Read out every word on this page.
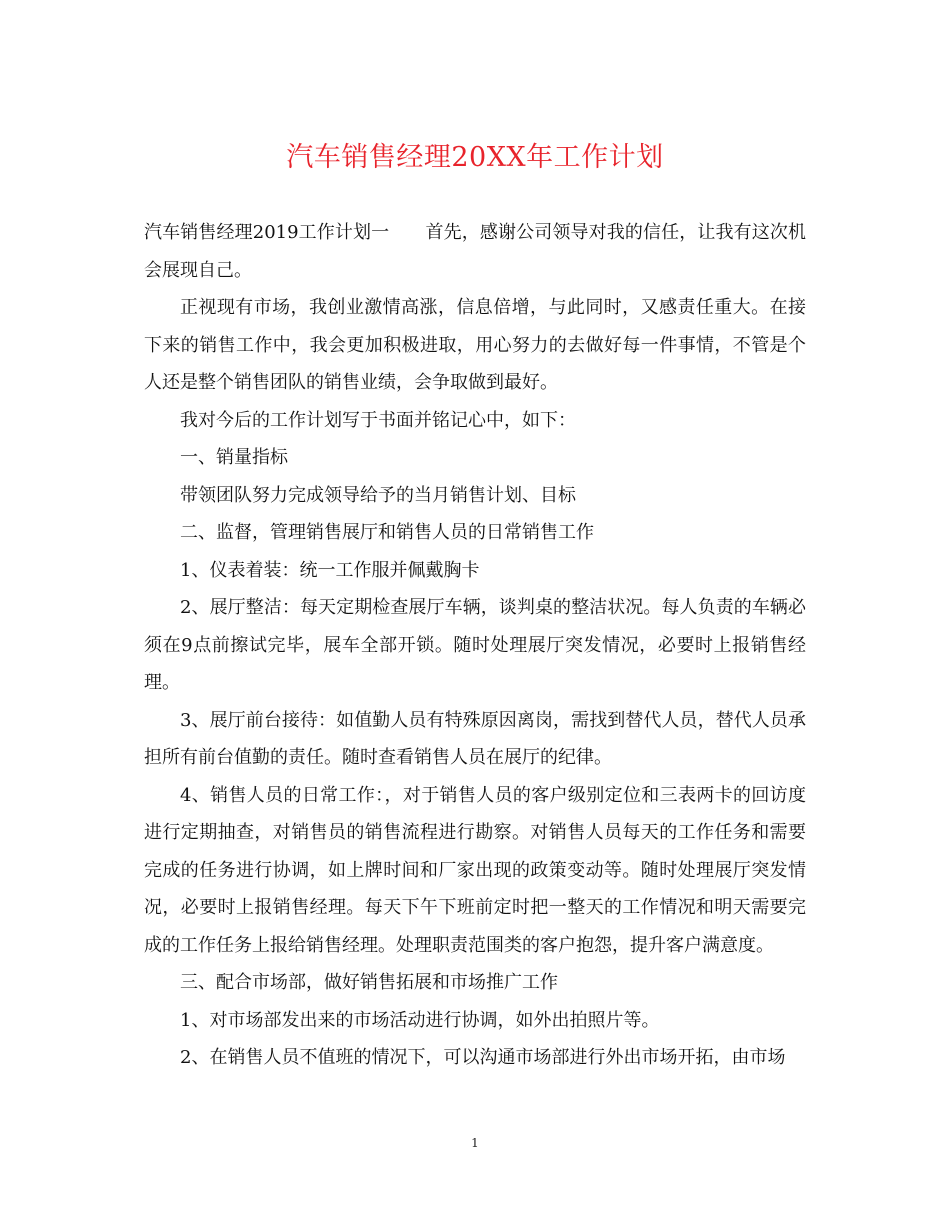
汽车销售经理20XX年工作计划

汽车销售经理2019工作计划一　　首先，感谢公司领导对我的信任，让我有这次机会展现自己。

正视现有市场，我创业激情高涨，信息倍增，与此同时，又感责任重大。在接下来的销售工作中，我会更加积极进取，用心努力的去做好每一件事情，不管是个人还是整个销售团队的销售业绩，会争取做到最好。

我对今后的工作计划写于书面并铭记心中，如下：

一、销量指标

带领团队努力完成领导给予的当月销售计划、目标

二、监督，管理销售展厅和销售人员的日常销售工作

1、仪表着装：统一工作服并佩戴胸卡

2、展厅整洁：每天定期检查展厅车辆，谈判桌的整洁状况。每人负责的车辆必须在9点前擦试完毕，展车全部开锁。随时处理展厅突发情况，必要时上报销售经理。

3、展厅前台接待：如值勤人员有特殊原因离岗，需找到替代人员，替代人员承担所有前台值勤的责任。随时查看销售人员在展厅的纪律。

4、销售人员的日常工作：，对于销售人员的客户级别定位和三表两卡的回访度进行定期抽查，对销售员的销售流程进行勘察。对销售人员每天的工作任务和需要完成的任务进行协调，如上牌时间和厂家出现的政策变动等。随时处理展厅突发情况，必要时上报销售经理。每天下午下班前定时把一整天的工作情况和明天需要完成的工作任务上报给销售经理。处理职责范围类的客户抱怨，提升客户满意度。

三、配合市场部，做好销售拓展和市场推广工作

1、对市场部发出来的市场活动进行协调，如外出拍照片等。

2、在销售人员不值班的情况下，可以沟通市场部进行外出市场开拓，由市场

1
